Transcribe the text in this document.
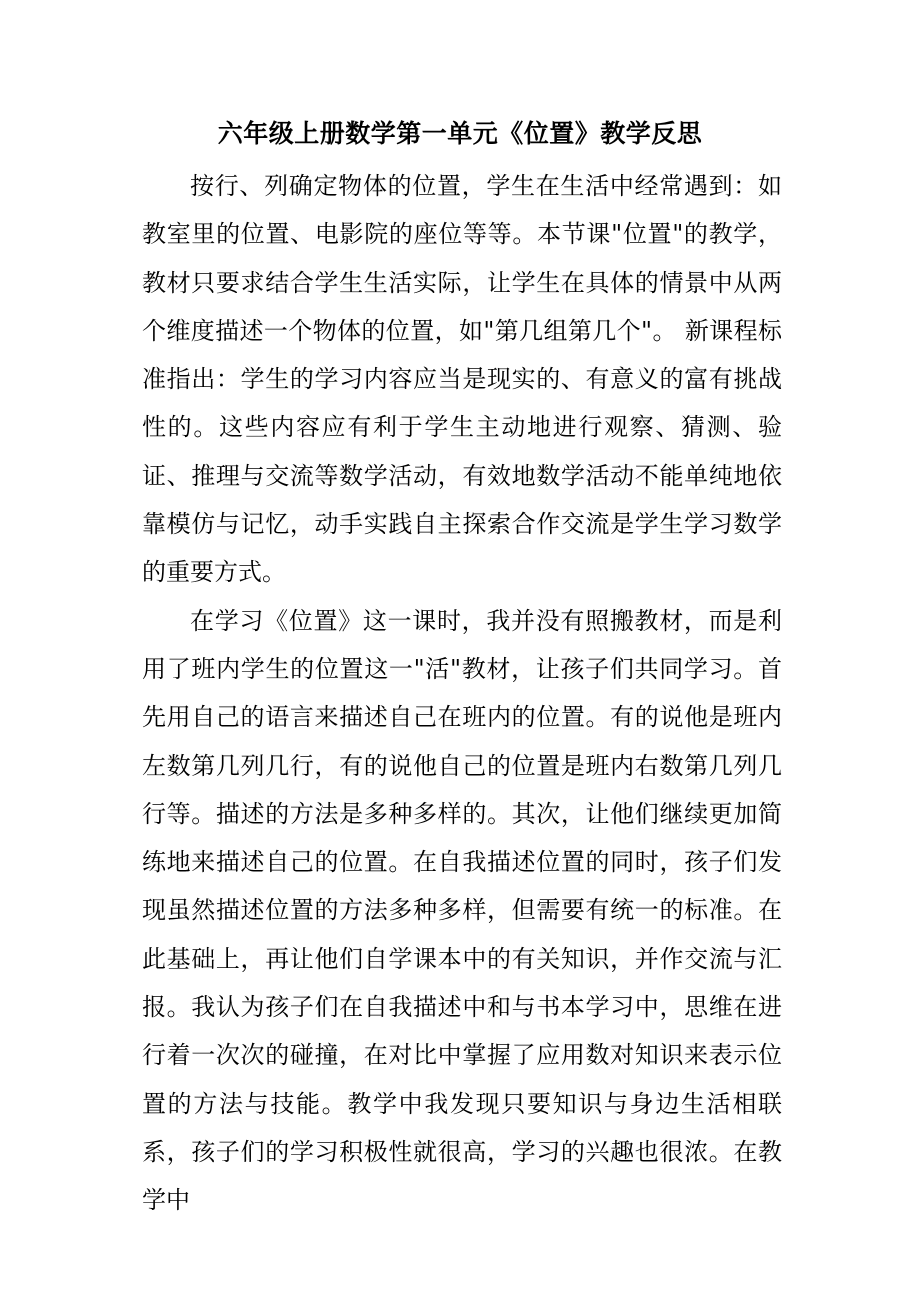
六年级上册数学第一单元《位置》教学反思

按行、列确定物体的位置，学生在生活中经常遇到：如教室里的位置、电影院的座位等等。本节课"位置"的教学，教材只要求结合学生生活实际，让学生在具体的情景中从两个维度描述一个物体的位置，如"第几组第几个"。 新课程标准指出：学生的学习内容应当是现实的、有意义的富有挑战性的。这些内容应有利于学生主动地进行观察、猜测、验证、推理与交流等数学活动，有效地数学活动不能单纯地依靠模仿与记忆，动手实践自主探索合作交流是学生学习数学的重要方式。

在学习《位置》这一课时，我并没有照搬教材，而是利用了班内学生的位置这一"活"教材，让孩子们共同学习。首先用自己的语言来描述自己在班内的位置。有的说他是班内左数第几列几行，有的说他自己的位置是班内右数第几列几行等。描述的方法是多种多样的。其次，让他们继续更加简练地来描述自己的位置。在自我描述位置的同时，孩子们发现虽然描述位置的方法多种多样，但需要有统一的标准。在此基础上，再让他们自学课本中的有关知识，并作交流与汇报。我认为孩子们在自我描述中和与书本学习中，思维在进行着一次次的碰撞，在对比中掌握了应用数对知识来表示位置的方法与技能。教学中我发现只要知识与身边生活相联系，孩子们的学习积极性就很高，学习的兴趣也很浓。在教学中
